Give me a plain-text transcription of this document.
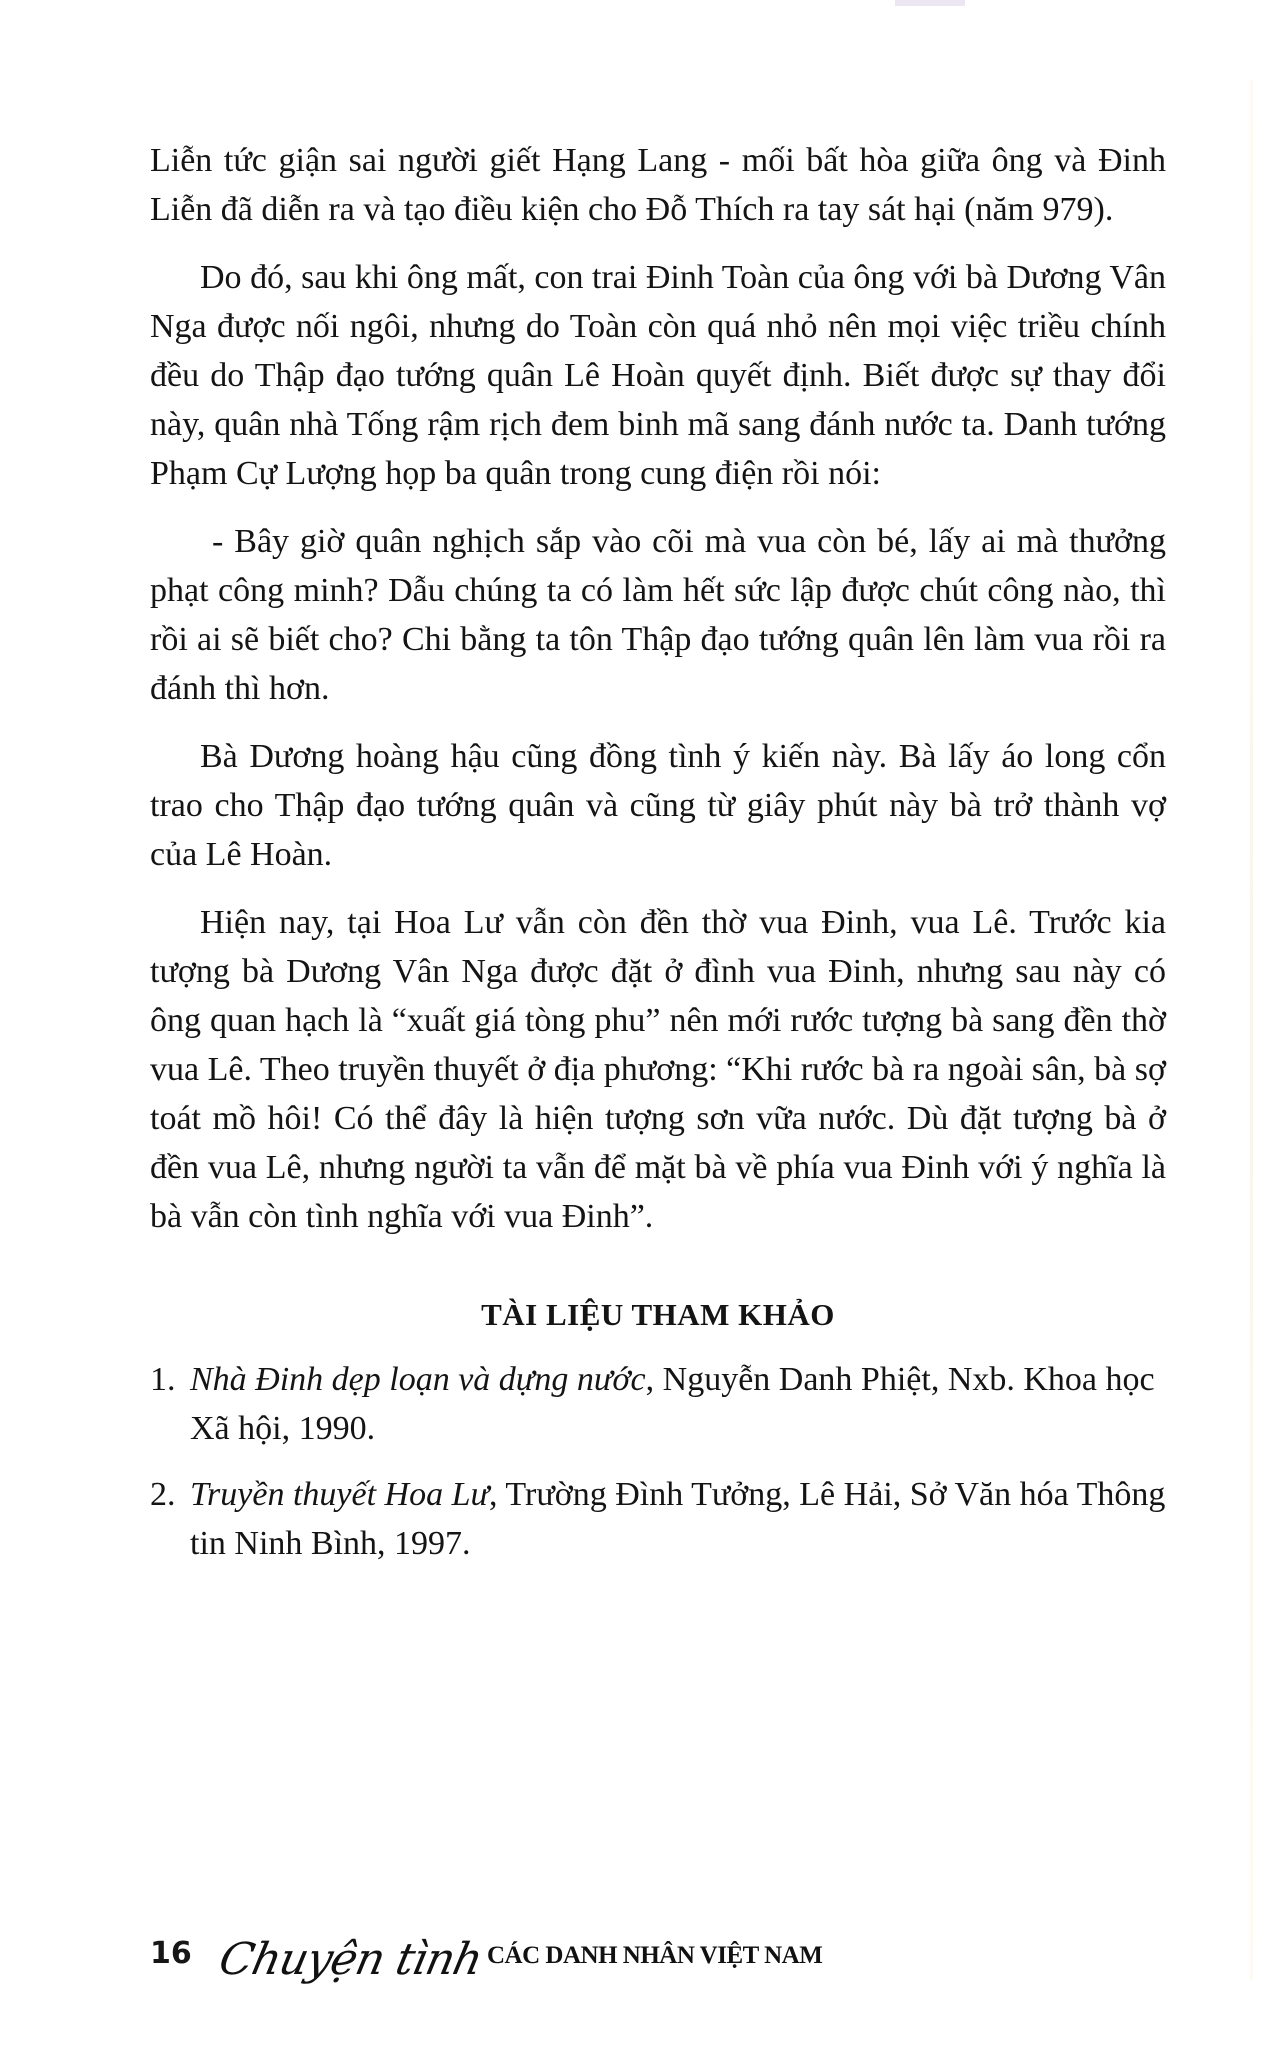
Liễn tức giận sai người giết Hạng Lang - mối bất hòa giữa ông và Đinh Liễn đã diễn ra và tạo điều kiện cho Đỗ Thích ra tay sát hại (năm 979).

Do đó, sau khi ông mất, con trai Đinh Toàn của ông với bà Dương Vân Nga được nối ngôi, nhưng do Toàn còn quá nhỏ nên mọi việc triều chính đều do Thập đạo tướng quân Lê Hoàn quyết định. Biết được sự thay đổi này, quân nhà Tống rậm rịch đem binh mã sang đánh nước ta. Danh tướng Phạm Cự Lượng họp ba quân trong cung điện rồi nói:

- Bây giờ quân nghịch sắp vào cõi mà vua còn bé, lấy ai mà thưởng phạt công minh? Dẫu chúng ta có làm hết sức lập được chút công nào, thì rồi ai sẽ biết cho? Chi bằng ta tôn Thập đạo tướng quân lên làm vua rồi ra đánh thì hơn.

Bà Dương hoàng hậu cũng đồng tình ý kiến này. Bà lấy áo long cổn trao cho Thập đạo tướng quân và cũng từ giây phút này bà trở thành vợ của Lê Hoàn.

Hiện nay, tại Hoa Lư vẫn còn đền thờ vua Đinh, vua Lê. Trước kia tượng bà Dương Vân Nga được đặt ở đình vua Đinh, nhưng sau này có ông quan hạch là “xuất giá tòng phu” nên mới rước tượng bà sang đền thờ vua Lê. Theo truyền thuyết ở địa phương: “Khi rước bà ra ngoài sân, bà sợ toát mồ hôi! Có thể đây là hiện tượng sơn vữa nước. Dù đặt tượng bà ở đền vua Lê, nhưng người ta vẫn để mặt bà về phía vua Đinh với ý nghĩa là bà vẫn còn tình nghĩa với vua Đinh”.

TÀI LIỆU THAM KHẢO
1. Nhà Đinh dẹp loạn và dựng nước, Nguyễn Danh Phiệt, Nxb. Khoa học Xã hội, 1990.
2. Truyền thuyết Hoa Lư, Trường Đình Tưởng, Lê Hải, Sở Văn hóa Thông tin Ninh Bình, 1997.
16 Chuyện tình CÁC DANH NHÂN VIỆT NAM
